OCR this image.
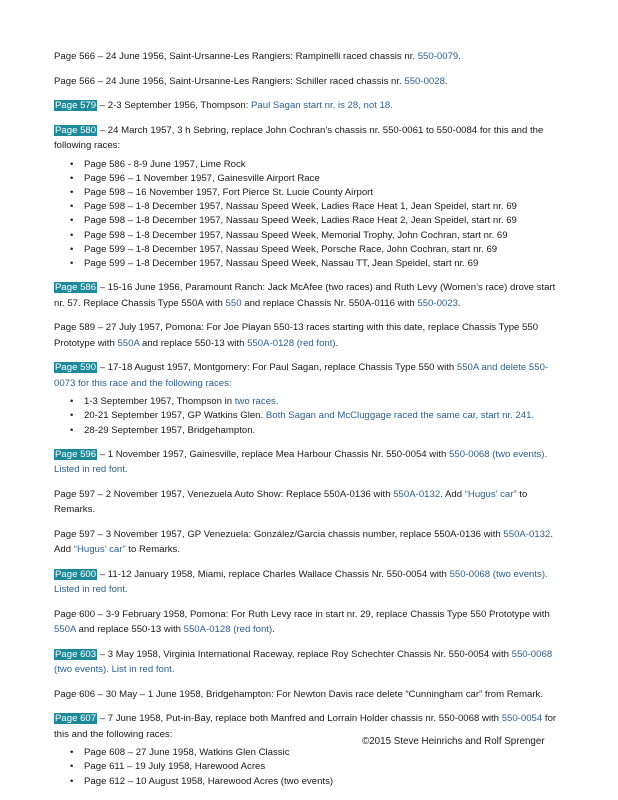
Page 566 – 24 June 1956, Saint-Ursanne-Les Rangiers: Rampinelli raced chassis nr. 550-0079.

Page 566 – 24 June 1956, Saint-Ursanne-Les Rangiers: Schiller raced chassis nr. 550-0028.

Page 579 – 2-3 September 1956, Thompson: Paul Sagan start nr. is 28, not 18.

Page 580 – 24 March 1957, 3 h Sebring, replace John Cochran’s chassis nr. 550-0061 to 550-0084 for this and the following races:

• Page 586 - 8-9 June 1957, Lime Rock
• Page 596 – 1 November 1957, Gainesville Airport Race
• Page 598 – 16 November 1957, Fort Pierce St. Lucie County Airport
• Page 598 – 1-8 December 1957, Nassau Speed Week, Ladies Race Heat 1, Jean Speidel, start nr. 69
• Page 598 – 1-8 December 1957, Nassau Speed Week, Ladies Race Heat 2, Jean Speidel, start nr. 69
• Page 598 – 1-8 December 1957, Nassau Speed Week, Memorial Trophy, John Cochran, start nr. 69
• Page 599 – 1-8 December 1957, Nassau Speed Week, Porsche Race, John Cochran, start nr. 69
• Page 599 – 1-8 December 1957, Nassau Speed Week, Nassau TT, Jean Speidel, start nr. 69

Page 586 – 15-16 June 1956, Paramount Ranch: Jack McAfee (two races) and Ruth Levy (Women’s race) drove start nr. 57. Replace Chassis Type 550A with 550 and replace Chassis Nr. 550A-0116 with 550-0023.

Page 589 – 27 July 1957, Pomona: For Joe Playan 550-13 races starting with this date, replace Chassis Type 550 Prototype with 550A and replace 550-13 with 550A-0128 (red font).

Page 590 – 17-18 August 1957, Montgomery: For Paul Sagan, replace Chassis Type 550 with 550A and delete 550-0073 for this race and the following races:

• 1-3 September 1957, Thompson in two races.
• 20-21 September 1957, GP Watkins Glen. Both Sagan and McCluggage raced the same car, start nr. 241.
• 28-29 September 1957, Bridgehampton.

Page 596 – 1 November 1957, Gainesville, replace Mea Harbour Chassis Nr. 550-0054 with 550-0068 (two events). Listed in red font.

Page 597 – 2 November 1957, Venezuela Auto Show: Replace 550A-0136 with 550A-0132. Add “Hugus’ car” to Remarks.

Page 597 – 3 November 1957, GP Venezuela: González/Garcia chassis number, replace 550A-0136 with 550A-0132. Add “Hugus’ car” to Remarks.

Page 600 – 11-12 January 1958, Miami, replace Charles Wallace Chassis Nr. 550-0054 with 550-0068 (two events). Listed in red font.

Page 600 – 3-9 February 1958, Pomona: For Ruth Levy race in start nr. 29, replace Chassis Type 550 Prototype with 550A and replace 550-13 with 550A-0128 (red font).

Page 603 – 3 May 1958, Virginia International Raceway, replace Roy Schechter Chassis Nr. 550-0054 with 550-0068 (two events). List in red font.

Page 606 – 30 May – 1 June 1958, Bridgehampton: For Newton Davis race delete “Cunningham car” from Remark.

Page 607 – 7 June 1958, Put-in-Bay, replace both Manfred and Lorrain Holder chassis nr. 550-0068 with 550-0054 for this and the following races:

• Page 608 – 27 June 1958, Watkins Glen Classic
• Page 611 – 19 July 1958, Harewood Acres
• Page 612 – 10 August 1958, Harewood Acres (two events)
©2015 Steve Heinrichs and Rolf Sprenger
